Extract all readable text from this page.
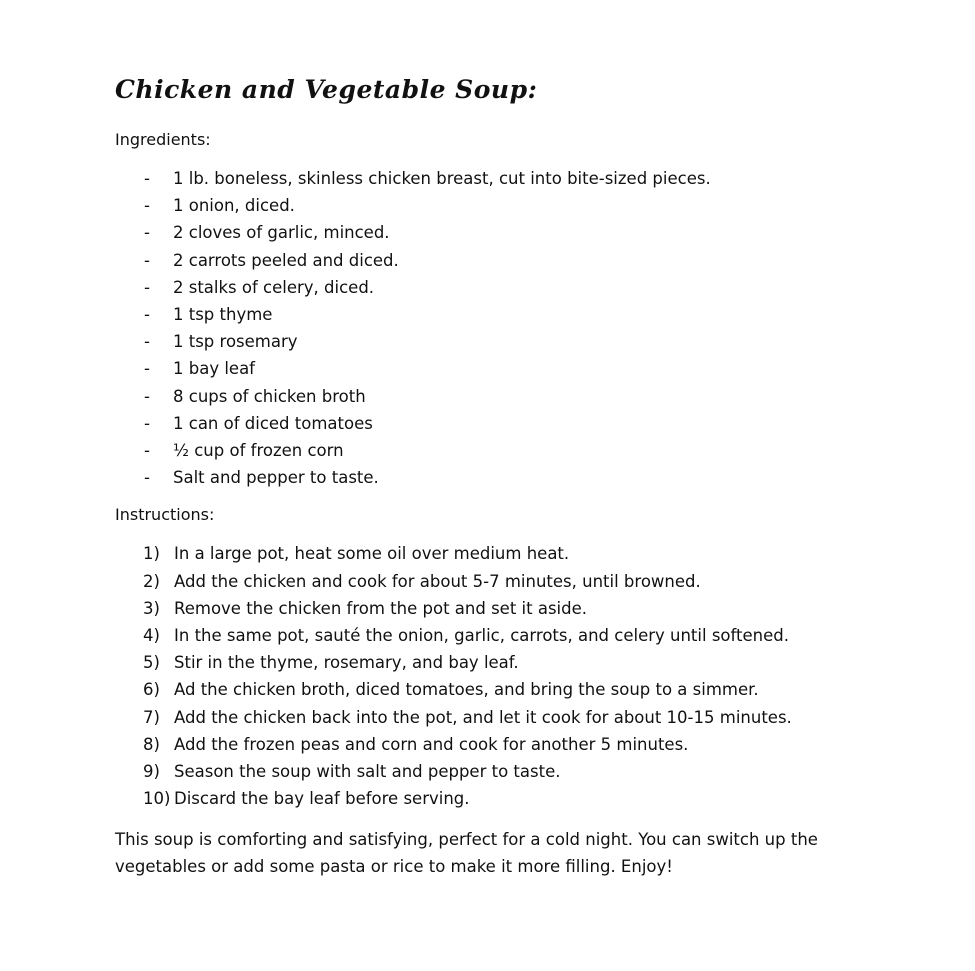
Chicken and Vegetable Soup:
Ingredients:
- 1 lb. boneless, skinless chicken breast, cut into bite-sized pieces.
- 1 onion, diced.
- 2 cloves of garlic, minced.
- 2 carrots peeled and diced.
- 2 stalks of celery, diced.
- 1 tsp thyme
- 1 tsp rosemary
- 1 bay leaf
- 8 cups of chicken broth
- 1 can of diced tomatoes
- ½ cup of frozen corn
- Salt and pepper to taste.
Instructions:
1) In a large pot, heat some oil over medium heat.
2) Add the chicken and cook for about 5-7 minutes, until browned.
3) Remove the chicken from the pot and set it aside.
4) In the same pot, sauté the onion, garlic, carrots, and celery until softened.
5) Stir in the thyme, rosemary, and bay leaf.
6) Ad the chicken broth, diced tomatoes, and bring the soup to a simmer.
7) Add the chicken back into the pot, and let it cook for about 10-15 minutes.
8) Add the frozen peas and corn and cook for another 5 minutes.
9) Season the soup with salt and pepper to taste.
10) Discard the bay leaf before serving.

This soup is comforting and satisfying, perfect for a cold night. You can switch up the vegetables or add some pasta or rice to make it more filling. Enjoy!
